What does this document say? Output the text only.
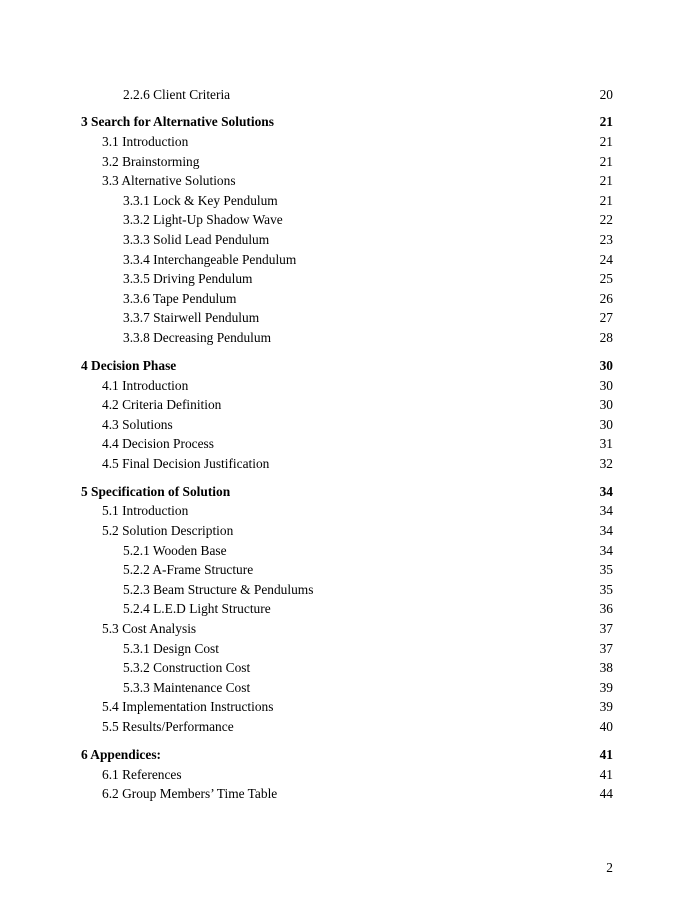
2.2.6 Client Criteria	20
3 Search for Alternative Solutions	21
3.1 Introduction	21
3.2 Brainstorming	21
3.3 Alternative Solutions	21
3.3.1 Lock & Key Pendulum	21
3.3.2 Light-Up Shadow Wave	22
3.3.3 Solid Lead Pendulum	23
3.3.4 Interchangeable Pendulum	24
3.3.5 Driving Pendulum	25
3.3.6 Tape Pendulum	26
3.3.7 Stairwell Pendulum	27
3.3.8 Decreasing Pendulum	28
4 Decision Phase	30
4.1 Introduction	30
4.2 Criteria Definition	30
4.3 Solutions	30
4.4 Decision Process	31
4.5 Final Decision Justification	32
5 Specification of Solution	34
5.1 Introduction	34
5.2 Solution Description	34
5.2.1 Wooden Base	34
5.2.2 A-Frame Structure	35
5.2.3 Beam Structure & Pendulums	35
5.2.4 L.E.D Light Structure	36
5.3 Cost Analysis	37
5.3.1 Design Cost	37
5.3.2 Construction Cost	38
5.3.3 Maintenance Cost	39
5.4 Implementation Instructions	39
5.5 Results/Performance	40
6 Appendices:	41
6.1 References	41
6.2 Group Members’ Time Table	44
2
